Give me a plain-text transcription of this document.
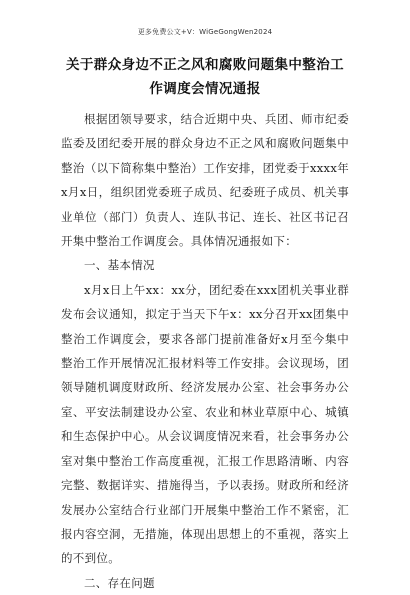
更多免费公文+V：WiGeGongWen2024
关于群众身边不正之风和腐败问题集中整治工作调度会情况通报

根据团领导要求，结合近期中央、兵团、师市纪委监委及团纪委开展的群众身边不正之风和腐败问题集中整治（以下简称集中整治）工作安排，团党委于xxxx年x月x日，组织团党委班子成员、纪委班子成员、机关事业单位（部门）负责人、连队书记、连长、社区书记召开集中整治工作调度会。具体情况通报如下：

一、基本情况

x月x日上午xx：xx分，团纪委在xxx团机关事业群发布会议通知，拟定于当天下午x：xx分召开xx团集中整治工作调度会，要求各部门提前准备好x月至今集中整治工作开展情况汇报材料等工作安排。会议现场，团领导随机调度财政所、经济发展办公室、社会事务办公室、平安法制建设办公室、农业和林业草原中心、城镇和生态保护中心。从会议调度情况来看，社会事务办公室对集中整治工作高度重视，汇报工作思路清晰、内容完整、数据详实、措施得当，予以表扬。财政所和经济发展办公室结合行业部门开展集中整治工作不紧密，汇报内容空洞，无措施，体现出思想上的不重视，落实上的不到位。

二、存在问题
